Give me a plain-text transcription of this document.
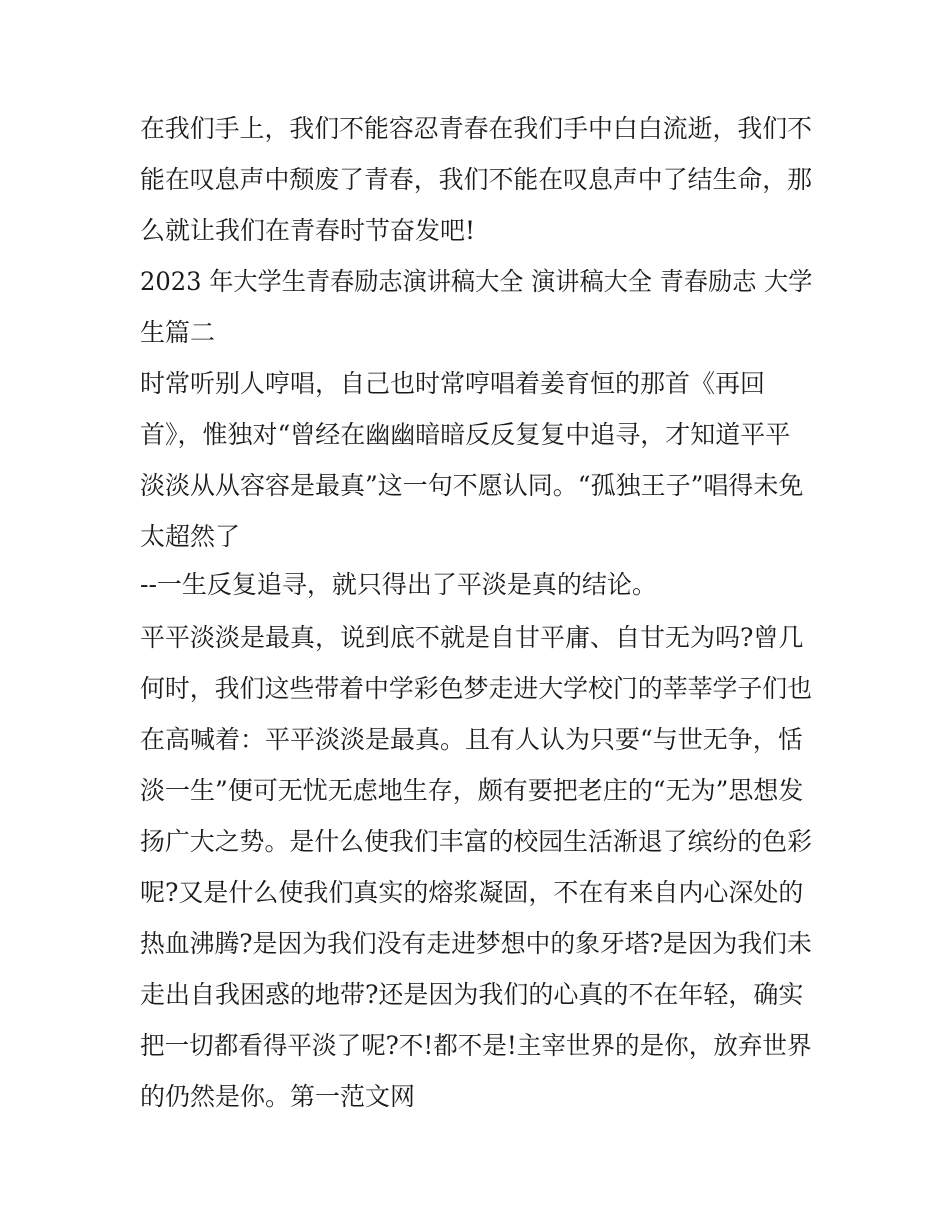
在我们手上，我们不能容忍青春在我们手中白白流逝，我们不
能在叹息声中颓废了青春，我们不能在叹息声中了结生命，那
么就让我们在青春时节奋发吧!
2023 年大学生青春励志演讲稿大全 演讲稿大全 青春励志 大学
生篇二
时常听别人哼唱，自己也时常哼唱着姜育恒的那首《再回
首》，惟独对“曾经在幽幽暗暗反反复复中追寻，才知道平平
淡淡从从容容是最真”这一句不愿认同。“孤独王子”唱得未免
太超然了
--一生反复追寻，就只得出了平淡是真的结论。
平平淡淡是最真，说到底不就是自甘平庸、自甘无为吗?曾几
何时，我们这些带着中学彩色梦走进大学校门的莘莘学子们也
在高喊着：平平淡淡是最真。且有人认为只要“与世无争，恬
淡一生”便可无忧无虑地生存，颇有要把老庄的“无为”思想发
扬广大之势。是什么使我们丰富的校园生活渐退了缤纷的色彩
呢?又是什么使我们真实的熔浆凝固，不在有来自内心深处的
热血沸腾?是因为我们没有走进梦想中的象牙塔?是因为我们未
走出自我困惑的地带?还是因为我们的心真的不在年轻，确实
把一切都看得平淡了呢?不!都不是!主宰世界的是你，放弃世界
的仍然是你。第一范文网
